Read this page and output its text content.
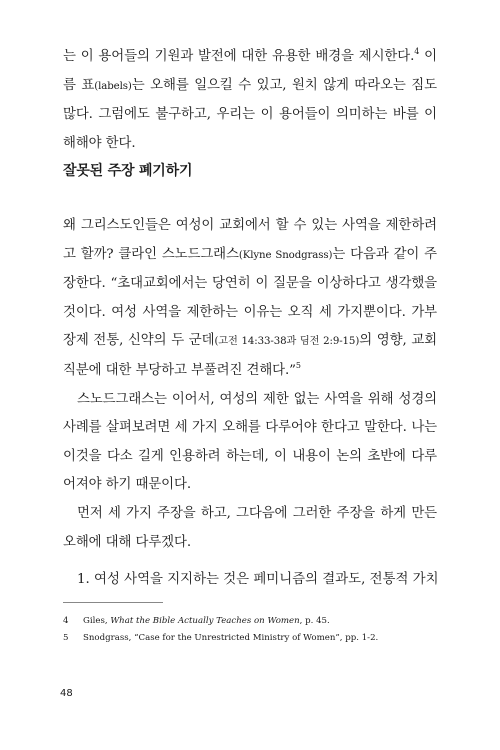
는 이 용어들의 기원과 발전에 대한 유용한 배경을 제시한다.$^4$ 이름 표(labels)는 오해를 일으킬 수 있고, 원치 않게 따라오는 짐도 많다. 그럼에도 불구하고, 우리는 이 용어들이 의미하는 바를 이해해야 한다.

잘못된 주장 폐기하기

왜 그리스도인들은 여성이 교회에서 할 수 있는 사역을 제한하려고 할까? 클라인 스노드그래스(Klyne Snodgrass)는 다음과 같이 주장한다. “초대교회에서는 당연히 이 질문을 이상하다고 생각했을 것이다. 여성 사역을 제한하는 이유는 오직 세 가지뿐이다. 가부장제 전통, 신약의 두 군데(고전 14:33-38과 딤전 2:9-15)의 영향, 교회 직분에 대한 부당하고 부풀려진 견해다.”$^5$

스노드그래스는 이어서, 여성의 제한 없는 사역을 위해 성경의 사례를 살펴보려면 세 가지 오해를 다루어야 한다고 말한다. 나는 이것을 다소 길게 인용하려 하는데, 이 내용이 논의 초반에 다루어져야 하기 때문이다.

먼저 세 가지 주장을 하고, 그다음에 그러한 주장을 하게 만든 오해에 대해 다루겠다.

1. 여성 사역을 지지하는 것은 페미니즘의 결과도, 전통적 가치

4	Giles, What the Bible Actually Teaches on Women, p. 45.

5	Snodgrass, “Case for the Unrestricted Ministry of Women”, pp. 1-2.

48
